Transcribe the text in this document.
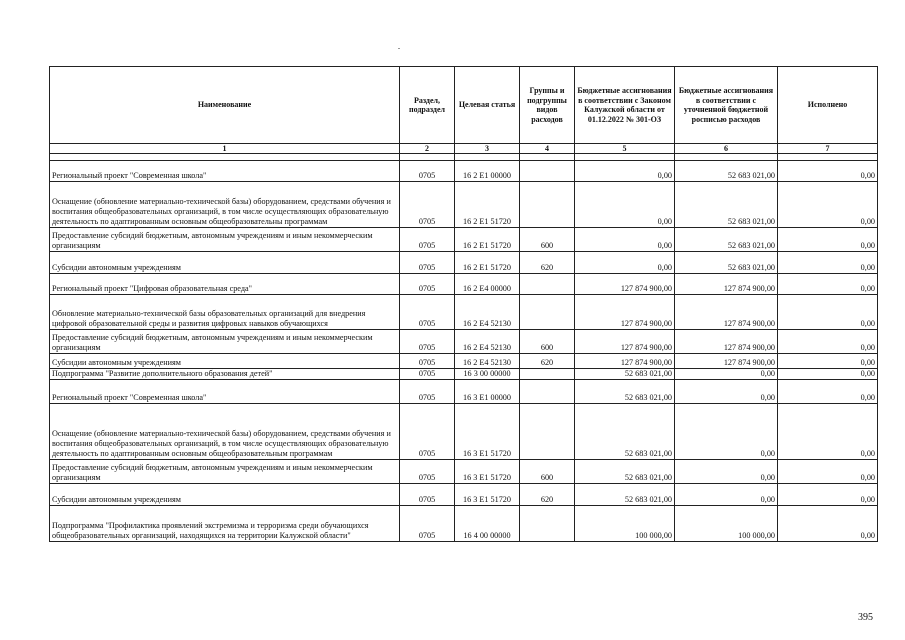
Наименование	Раздел, подраздел	Целевая статья	Группы и подгруппы видов расходов	Бюджетные ассигнования в соответствии с Законом Калужской области от 01.12.2022 № 301-ОЗ	Бюджетные ассигнования в соответствии с уточненной бюджетной росписью расходов	Исполнено
1	2	3	4	5	6	7

Региональный проект "Современная школа"	0705	16 2 E1 00000		0,00	52 683 021,00	0,00
Оснащение (обновление материально-технической базы) оборудованием, средствами обучения и воспитания общеобразовательных организаций, в том числе осуществляющих образовательную деятельность по адаптированным основным общеобразовательны программам	0705	16 2 E1 51720		0,00	52 683 021,00	0,00
Предоставление субсидий бюджетным, автономным учреждениям и иным некоммерческим организациям	0705	16 2 E1 51720	600	0,00	52 683 021,00	0,00
Субсидии автономным учреждениям	0705	16 2 E1 51720	620	0,00	52 683 021,00	0,00
Региональный проект "Цифровая образовательная среда"	0705	16 2 E4 00000		127 874 900,00	127 874 900,00	0,00
Обновление материально-технической базы образовательных организаций для внедрения цифровой образовательной среды и развития цифровых навыков обучающихся	0705	16 2 E4 52130		127 874 900,00	127 874 900,00	0,00
Предоставление субсидий бюджетным, автономным учреждениям и иным некоммерческим организациям	0705	16 2 E4 52130	600	127 874 900,00	127 874 900,00	0,00
Субсидии автономным учреждениям	0705	16 2 E4 52130	620	127 874 900,00	127 874 900,00	0,00
Подпрограмма "Развитие дополнительного образования детей"	0705	16 3 00 00000		52 683 021,00	0,00	0,00
Региональный проект "Современная школа"	0705	16 3 E1 00000		52 683 021,00	0,00	0,00
Оснащение (обновление материально-технической базы) оборудованием, средствами обучения и воспитания общеобразовательных организаций, в том числе осуществляющих образовательную деятельность по адаптированным основным общеобразовательным программам	0705	16 3 E1 51720		52 683 021,00	0,00	0,00
Предоставление субсидий бюджетным, автономным учреждениям и иным некоммерческим организациям	0705	16 3 E1 51720	600	52 683 021,00	0,00	0,00
Субсидии автономным учреждениям	0705	16 3 E1 51720	620	52 683 021,00	0,00	0,00
Подпрограмма "Профилактика проявлений экстремизма и терроризма среди обучающихся общеобразовательных организаций, находящихся на территории Калужской области"	0705	16 4 00 00000		100 000,00	100 000,00	0,00
395
